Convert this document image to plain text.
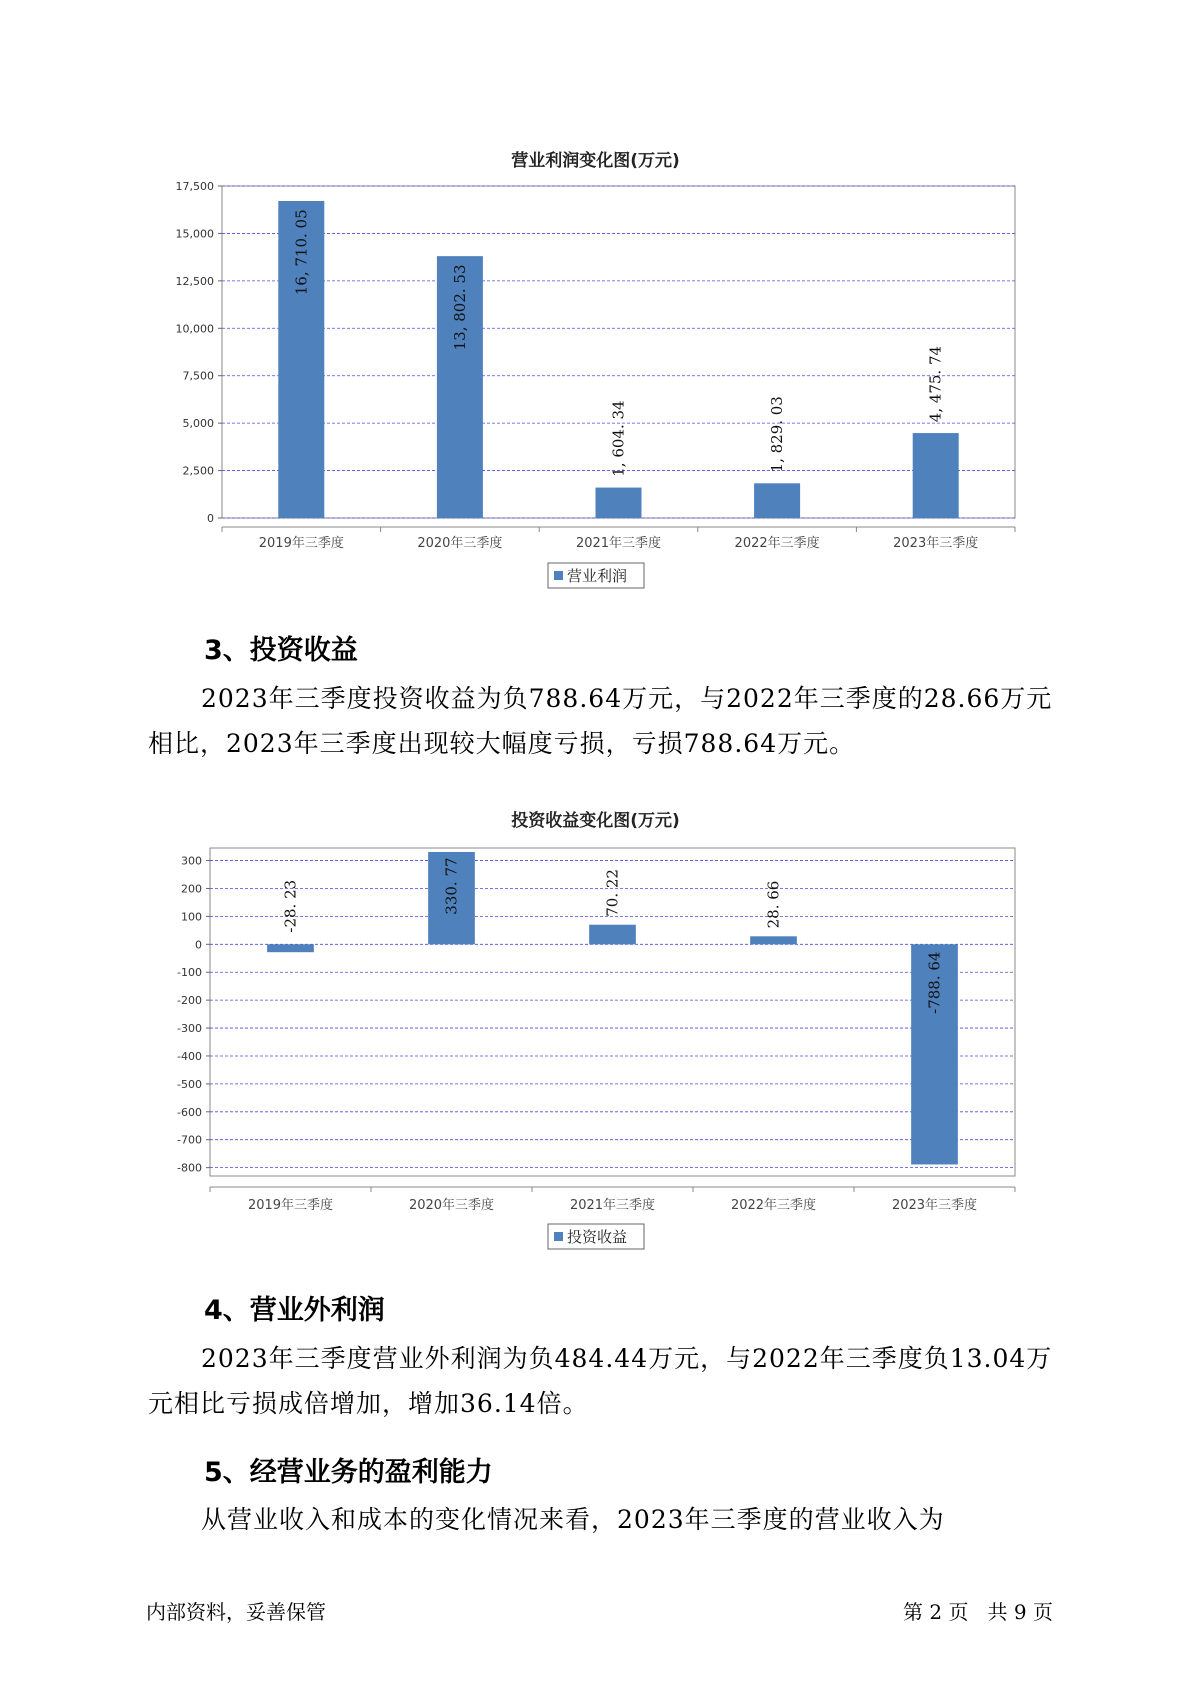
营业利润变化图(万元)
17,500
15,000
12,500
10,000
7,500
5,000
2,500
0
2019年三季度
16, 710. 05
2020年三季度
13, 802. 53
2021年三季度
1, 604. 34
2022年三季度
1, 829. 03
2023年三季度
4, 475. 74
营业利润
3、投资收益

2023年三季度投资收益为负788.64万元，与2022年三季度的28.66万元相比，2023年三季度出现较大幅度亏损，亏损788.64万元。

投资收益变化图(万元)
300
200
100
0
-100
-200
-300
-400
-500
-600
-700
-800
2019年三季度
-28. 23
2020年三季度
330. 77
2021年三季度
70. 22
2022年三季度
28. 66
2023年三季度
-788. 64
投资收益
4、营业外利润

2023年三季度营业外利润为负484.44万元，与2022年三季度负13.04万元相比亏损成倍增加，增加36.14倍。

5、经营业务的盈利能力

从营业收入和成本的变化情况来看，2023年三季度的营业收入为

内部资料，妥善保管	第 2 页   共 9 页
